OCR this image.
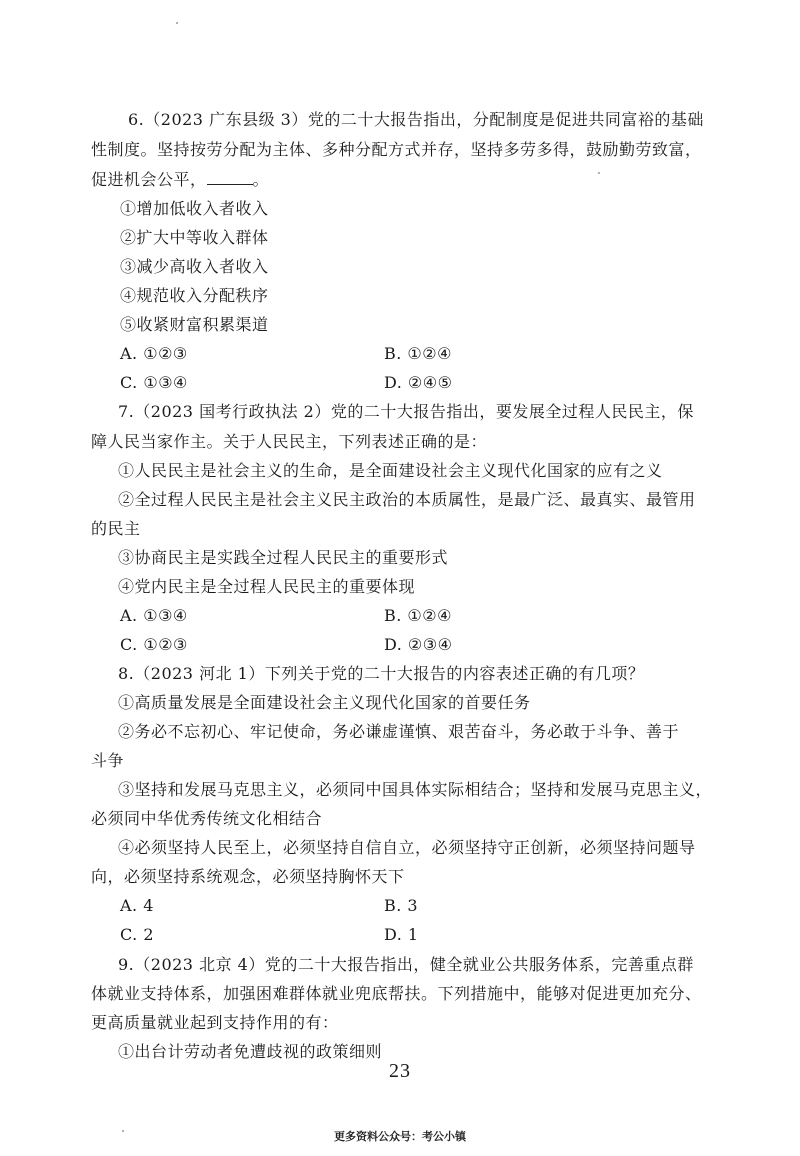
6.（2023 广东县级 3）党的二十大报告指出，分配制度是促进共同富裕的基础
性制度。坚持按劳分配为主体、多种分配方式并存，坚持多劳多得，鼓励勤劳致富，
促进机会公平，	。
①增加低收入者收入
②扩大中等收入群体
③减少高收入者收入
④规范收入分配秩序
⑤收紧财富积累渠道
A. ①②③	B. ①②④
C. ①③④	D. ②④⑤
7.（2023 国考行政执法 2）党的二十大报告指出，要发展全过程人民民主，保
障人民当家作主。关于人民民主，下列表述正确的是：
①人民民主是社会主义的生命，是全面建设社会主义现代化国家的应有之义
②全过程人民民主是社会主义民主政治的本质属性，是最广泛、最真实、最管用
的民主
③协商民主是实践全过程人民民主的重要形式
④党内民主是全过程人民民主的重要体现
A. ①③④	B. ①②④
C. ①②③	D. ②③④
8.（2023 河北 1）下列关于党的二十大报告的内容表述正确的有几项？
①高质量发展是全面建设社会主义现代化国家的首要任务
②务必不忘初心、牢记使命，务必谦虚谨慎、艰苦奋斗，务必敢于斗争、善于
斗争
③坚持和发展马克思主义，必须同中国具体实际相结合；坚持和发展马克思主义，
必须同中华优秀传统文化相结合
④必须坚持人民至上，必须坚持自信自立，必须坚持守正创新，必须坚持问题导
向，必须坚持系统观念，必须坚持胸怀天下
A. 4	B. 3
C. 2	D. 1
9.（2023 北京 4）党的二十大报告指出，健全就业公共服务体系，完善重点群
体就业支持体系，加强困难群体就业兜底帮扶。下列措施中，能够对促进更加充分、
更高质量就业起到支持作用的有：
①出台计劳动者免遭歧视的政策细则
23
更多资料公众号：考公小镇
